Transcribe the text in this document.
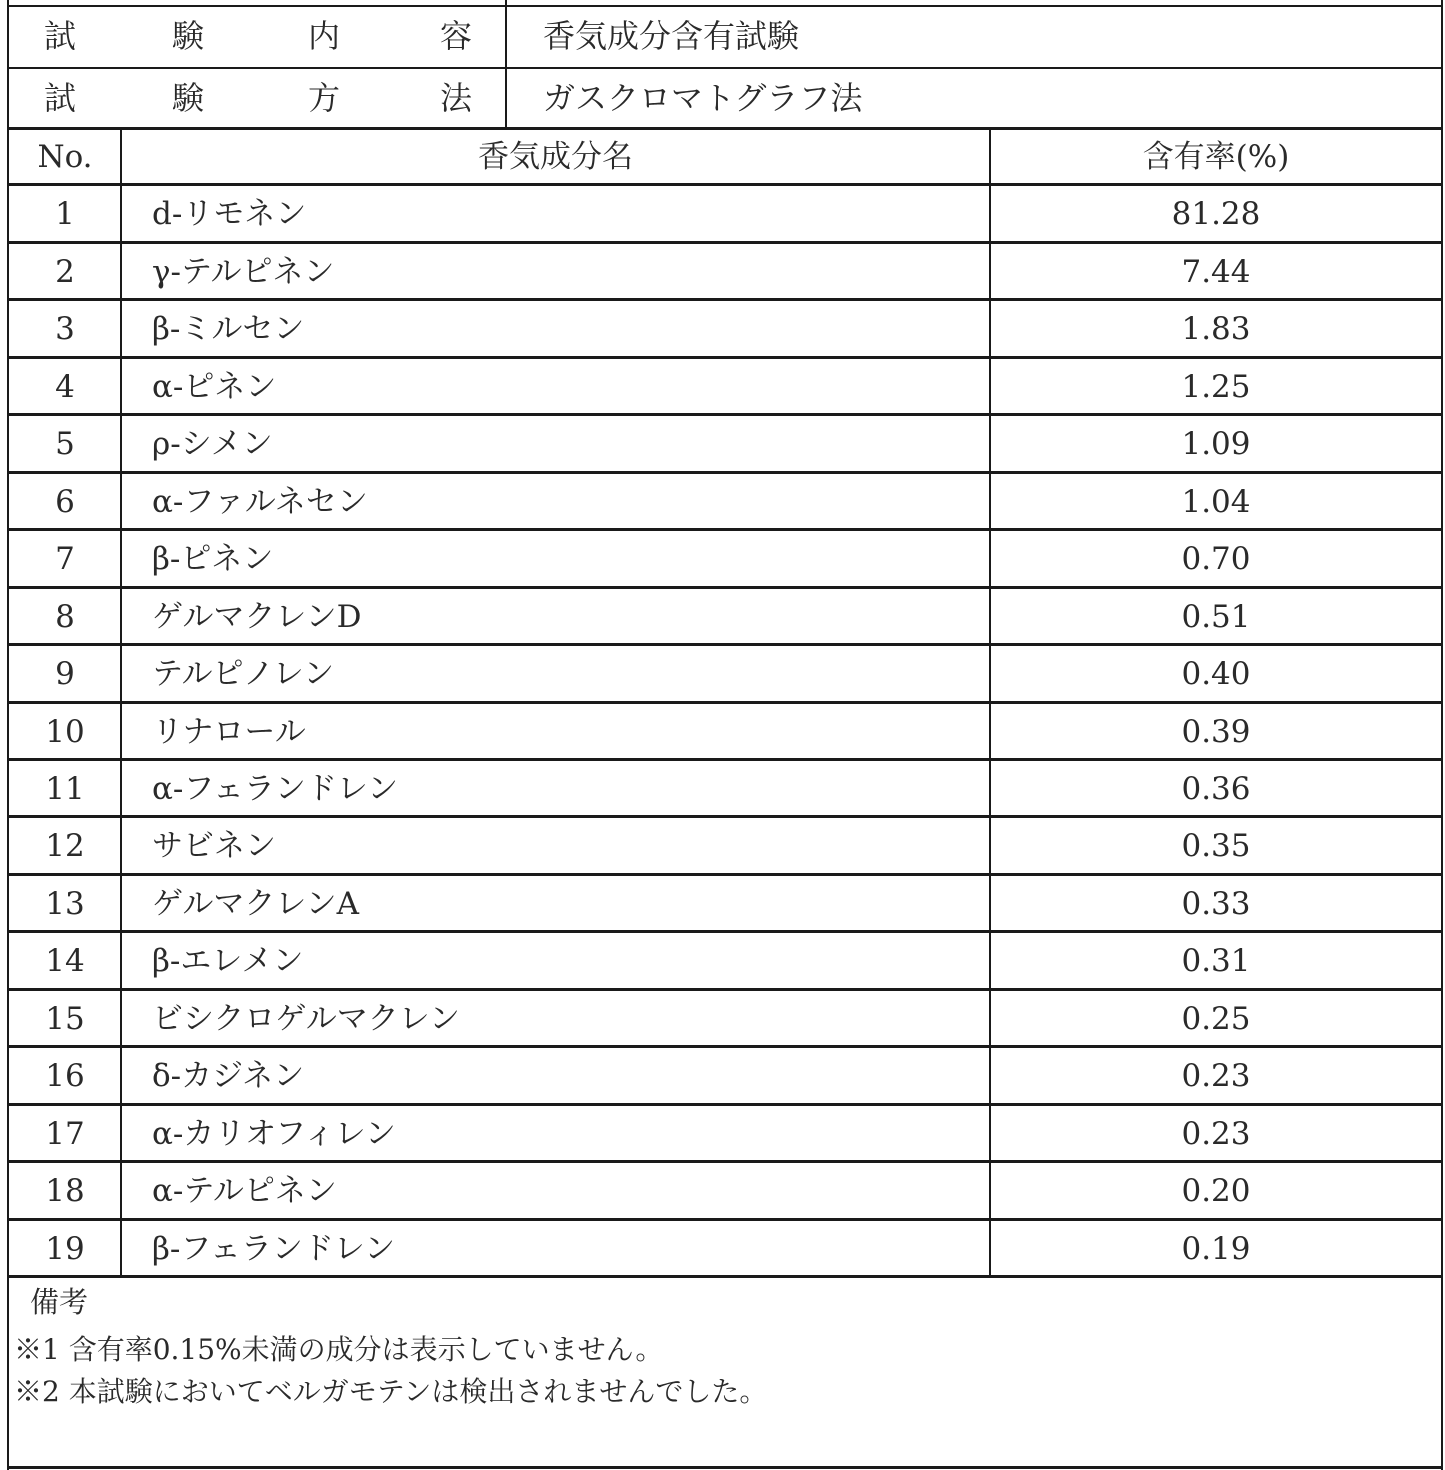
試	験	内	容 香気成分含有試験
試	験	方	法 ガスクロマトグラフ法
No.	香気成分名	含有率(%)
1	d-リモネン	81.28
2	γ-テルピネン	7.44
3	β-ミルセン	1.83
4	α-ピネン	1.25
5	ρ-シメン	1.09
6	α-ファルネセン	1.04
7	β-ピネン	0.70
8	ゲルマクレンD	0.51
9	テルピノレン	0.40
10	リナロール	0.39
11	α-フェランドレン	0.36
12	サビネン	0.35
13	ゲルマクレンA	0.33
14	β-エレメン	0.31
15	ビシクロゲルマクレン	0.25
16	δ-カジネン	0.23
17	α-カリオフィレン	0.23
18	α-テルピネン	0.20
19	β-フェランドレン	0.19
備考
※1 含有率0.15%未満の成分は表示していません。
※2 本試験においてベルガモテンは検出されませんでした。
